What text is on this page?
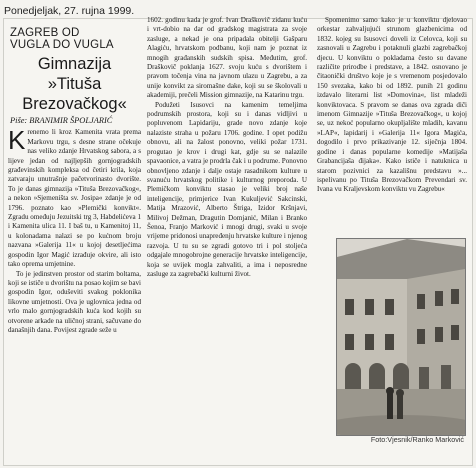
Ponedjeljak, 27. rujna 1999.
ZAGREB OD
VUGLA DO VUGLA
Gimnazija
»Tituša
Brezovačkog«
Piše: BRANIMIR ŠPOLJARIĆ

Krenemo li kroz Kamenita vrata prema Markovu trgu, s desne strane očekuje nas veliko zdanje Hrvatskog sabora, a s lijeve jedan od najljepših gornjogradskih građevinskih kompleksa od četiri krila, koja zatvaraju unutrašnje pačetvorinasto dvorište. To je danas gimnazija »Tituša Brezovačkog«, a nekon »Sjemeništa sv. Josipa« zdanje je od 1796. poznato kao »Plemički konvikt«. Zgradu omeđuju Jezuitski trg 3, Habdelićeva 1 i Kamenita ulica 11. I baš tu, u Kamenitoj 11, u kolonadama nalazi se po kućnom broju nazvana »Galerija 11« u kojoj desetljećima gospodin Igor Magić izrađuje okvire, ali isto tako oprema umjetnine.

To je jedinstven prostor od starim boltama, koji se ističe u dvorištu na posao kojim se bavi gospodin Igor, oduševiti svakog poklonika likovne umjetnosti. Ova je uglovnica jedna od vrlo malo gornjogradskih kuća kod kojih su otvorene arkade na uličnoj strani, sačuvane do današnjih dana. Povijest zgrade seže u

1602. godinu kada je grof. Ivan Draškovič zidanu kuću i vrt-dobio na dar od gradskog magistrata za svoje zasluge, a nekad je ona pripadala obitelji Gašparu Alagiću, hrvatskom podbanu, koji nam je poznat iz mnogih građanskih sudskih spisa. Međutim, grof. Draškovič poklanja 1627. svoju kuću s dvorištem i pravom točenja vina na javnom ulazu u Zagrebu, a za unije konvikt za siromašne dake, koji su se školovali u akademiji, prečeli Mission gimnazije, na Katarinu trgu.

Podužeti Isusovci na kamenim temeljima podrumskih prostora, koji su i danas vidljivi u popluvenom Lapidariju, grade novo zdanje koje nalaziste straha u požaru 1706. godine. I opet podižu obnovu, ali na žalost ponovno, veliki požar 1731. progutao je krov i drugi kat, gdje su se nalazile spavaonice, a vatra je prodrla čak i u podrume. Ponovno obnovljeno zdanje i dalje ostaje rasadnikom kulture u svanuću hrvatskog politike i kulturnog preporoda. U Plemičkom konviktu stasao je veliki broj naše inteligencije, primjerice Ivan Kukuljević Sakcinski, Matija Mrazović, Alberto Štriga, Izidor Kršnjavi, Milivoj Dežman, Dragutin Domjanić, Milan i Branko Šenoa, Franjo Marković i mnogi drugi, svaki u svoje vrijeme pridonosi unapređenju hrvatske kulture i njenog razvoja. U tu su se zgradi gotovo tri i pol stoljeća odgajale mnogobrojne generacije hrvatske inteligencije, koja se uvijek mogla zahvaliti, a ima i neposredne zasluge za zagrebački kulturni život.

Spomenimo samo kako je u konviktu djelovao orkestar zahvaljujući strunom glazbenicima od 1832. kojeg su Isusovci doveli iz Celovca, koji su zasnovali u Zagrebu i potaknuli glazbi zagrebačkoj djecu. U konviktu o pokladama često su davane različite prirodbe i predstave, a 1842. osnovano je čitaonički društvo koje je s vremenom posjedovalo 150 svezaka, kako bi od 1892. punih 21 godinu izdavalo literarni list »Domovina«, list mladeži konviktovaca. S pravom se danas ova zgrada diči imenom Gimnazije »Tituša Brezovačkog«, u kojoj se, uz nekoć popularno okupljalište mladih, kavanu »LAP«, lapidarij i »Galerija 11« Igora Magića, dogodilo i prvo prikazivanje 12. siječnja 1804. godine i danas popularne komedije »Matijaša Grabancijaša đijaka«. Kako ističe i natuknica u starom pozivnici za kazališnu predstavu »... ispelivanu po Tituša Brezovačkom Prevendari sv. Ivana vu Kraljevskom konviktu vu Zagrebu«

Foto:Vjesnik/Ranko Marković
